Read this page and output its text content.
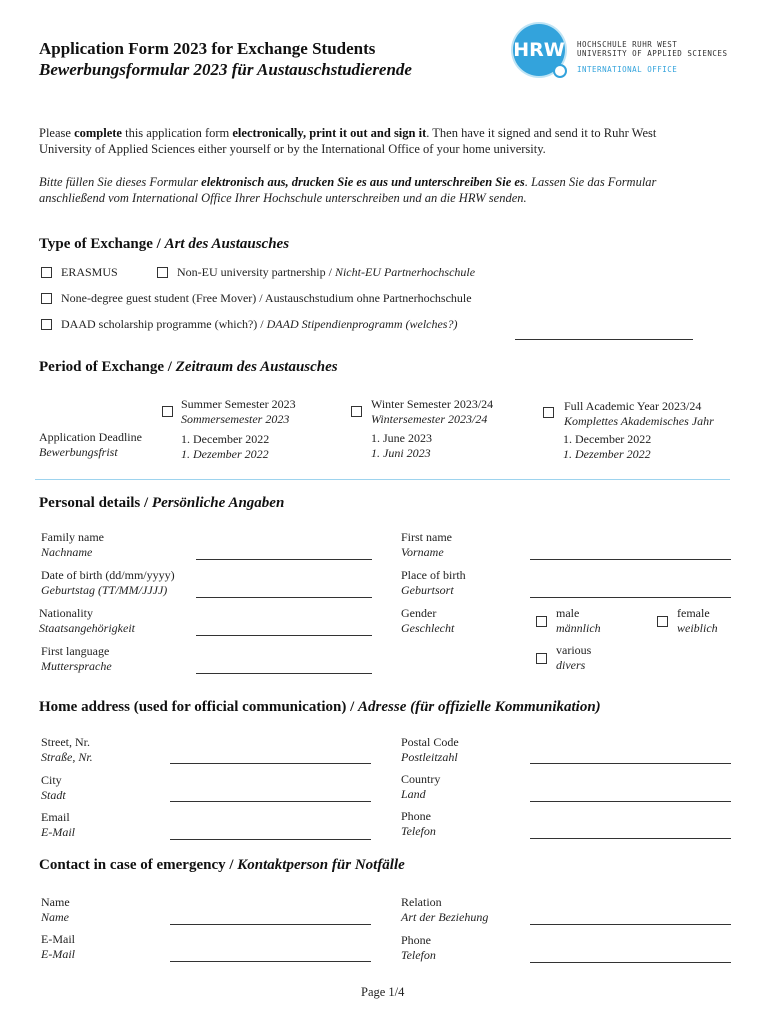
Application Form 2023 for Exchange Students
Bewerbungsformular 2023 für Austauschstudierende
HRW HOCHSCHULE RUHR WEST
UNIVERSITY OF APPLIED SCIENCES
INTERNATIONAL OFFICE
Please complete this application form electronically, print it out and sign it. Then have it signed and send it to Ruhr West University of Applied Sciences either yourself or by the International Office of your home university.
Bitte füllen Sie dieses Formular elektronisch aus, drucken Sie es aus und unterschreiben Sie es. Lassen Sie das Formular anschließend vom International Office Ihrer Hochschule unterschreiben und an die HRW senden.
Type of Exchange / Art des Austausches
ERASMUS	Non-EU university partnership / Nicht-EU Partnerhochschule
None-degree guest student (Free Mover) / Austauschstudium ohne Partnerhochschule
DAAD scholarship programme (which?) / DAAD Stipendienprogramm (welches?)
Period of Exchange / Zeitraum des Austausches
Summer Semester 2023
Sommersemester 2023
Winter Semester 2023/24
Wintersemester 2023/24
Full Academic Year 2023/24
Komplettes Akademisches Jahr
Application Deadline
Bewerbungsfrist
1. December 2022
1. Dezember 2022
1. June 2023
1. Juni 2023
1. December 2022
1. Dezember 2022
Personal details / Persönliche Angaben
Family name
Nachname
First name
Vorname
Date of birth (dd/mm/yyyy)
Geburtstag (TT/MM/JJJJ)
Place of birth
Geburtsort
Nationality
Staatsangehörigkeit
Gender
Geschlecht
male
männlich
female
weiblich
First language
Muttersprache
various
divers
Home address (used for official communication) / Adresse (für offizielle Kommunikation)
Street, Nr.
Straße, Nr.
Postal Code
Postleitzahl
City
Stadt
Country
Land
Email
E-Mail
Phone
Telefon
Contact in case of emergency / Kontaktperson für Notfälle
Name
Name
Relation
Art der Beziehung
E-Mail
E-Mail
Phone
Telefon
Page 1/4
